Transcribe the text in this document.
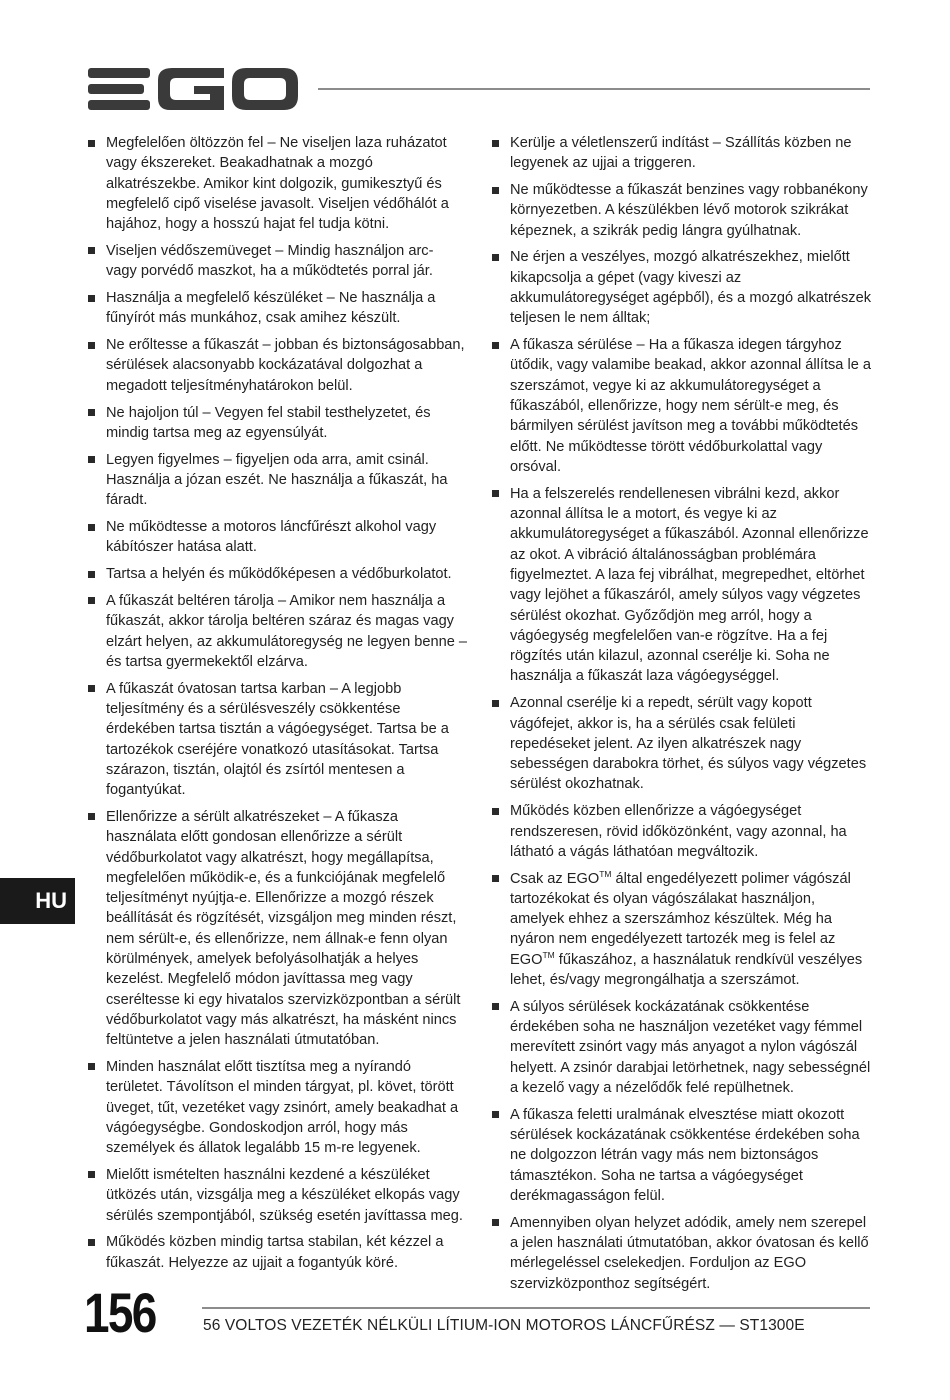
Megfelelően öltözzön fel – Ne viseljen laza ruházatot vagy ékszereket. Beakadhatnak a mozgó alkatrészekbe. Amikor kint dolgozik, gumikesztyű és megfelelő cipő viselése javasolt. Viseljen védőhálót a hajához, hogy a hosszú hajat fel tudja kötni.
Viseljen védőszemüveget – Mindig használjon arc- vagy porvédő maszkot, ha a működtetés porral jár.
Használja a megfelelő készüléket – Ne használja a fűnyírót más munkához, csak amihez készült.
Ne erőltesse a fűkaszát – jobban és biztonságosabban, sérülések alacsonyabb kockázatával dolgozhat a megadott teljesítményhatárokon belül.
Ne hajoljon túl – Vegyen fel stabil testhelyzetet, és mindig tartsa meg az egyensúlyát.
Legyen figyelmes – figyeljen oda arra, amit csinál. Használja a józan eszét. Ne használja a fűkaszát, ha fáradt.
Ne működtesse a motoros láncfűrészt alkohol vagy kábítószer hatása alatt.
Tartsa a helyén és működőképesen a védőburkolatot.
A fűkaszát beltéren tárolja – Amikor nem használja a fűkaszát, akkor tárolja beltéren száraz és magas vagy elzárt helyen, az akkumulátoregység ne legyen benne – és tartsa gyermekektől elzárva.
A fűkaszát óvatosan tartsa karban – A legjobb teljesítmény és a sérülésveszély csökkentése érdekében tartsa tisztán a vágóegységet. Tartsa be a tartozékok cseréjére vonatkozó utasításokat. Tartsa szárazon, tisztán, olajtól és zsírtól mentesen a fogantyúkat.
Ellenőrizze a sérült alkatrészeket – A fűkasza használata előtt gondosan ellenőrizze a sérült védőburkolatot vagy alkatrészt, hogy megállapítsa, megfelelően működik-e, és a funkciójának megfelelő teljesítményt nyújtja-e. Ellenőrizze a mozgó részek beállítását és rögzítését, vizsgáljon meg minden részt, nem sérült-e, és ellenőrizze, nem állnak-e fenn olyan körülmények, amelyek befolyásolhatják a helyes kezelést. Megfelelő módon javíttassa meg vagy cseréltesse ki egy hivatalos szervizközpontban a sérült védőburkolatot vagy más alkatrészt, ha másként nincs feltüntetve a jelen használati útmutatóban.
Minden használat előtt tisztítsa meg a nyírandó területet. Távolítson el minden tárgyat, pl. követ, törött üveget, tűt, vezetéket vagy zsinórt, amely beakadhat a vágóegységbe. Gondoskodjon arról, hogy más személyek és állatok legalább 15 m-re legyenek.
Mielőtt ismételten használni kezdené a készüléket ütközés után, vizsgálja meg a készüléket elkopás vagy sérülés szempontjából, szükség esetén javíttassa meg.
Működés közben mindig tartsa stabilan, két kézzel a fűkaszát. Helyezze az ujjait a fogantyúk köré.
Kerülje a véletlenszerű indítást – Szállítás közben ne legyenek az ujjai a triggeren.
Ne működtesse a fűkaszát benzines vagy robbanékony környezetben. A készülékben lévő motorok szikrákat képeznek, a szikrák pedig lángra gyúlhatnak.
Ne érjen a veszélyes, mozgó alkatrészekhez, mielőtt kikapcsolja a gépet (vagy kiveszi az akkumulátoregységet agépből), és a mozgó alkatrészek teljesen le nem álltak;
A fűkasza sérülése – Ha a fűkasza idegen tárgyhoz ütődik, vagy valamibe beakad, akkor azonnal állítsa le a szerszámot, vegye ki az akkumulátoregységet a fűkaszából, ellenőrizze, hogy nem sérült-e meg, és bármilyen sérülést javítson meg a további működtetés előtt. Ne működtesse törött védőburkolattal vagy orsóval.
Ha a felszerelés rendellenesen vibrálni kezd, akkor azonnal állítsa le a motort, és vegye ki az akkumulátoregységet a fűkaszából. Azonnal ellenőrizze az okot. A vibráció általánosságban problémára figyelmeztet. A laza fej vibrálhat, megrepedhet, eltörhet vagy lejöhet a fűkaszáról, amely súlyos vagy végzetes sérülést okozhat. Győződjön meg arról, hogy a vágóegység megfelelően van-e rögzítve. Ha a fej rögzítés után kilazul, azonnal cserélje ki. Soha ne használja a fűkaszát laza vágóegységgel.
Azonnal cserélje ki a repedt, sérült vagy kopott vágófejet, akkor is, ha a sérülés csak felületi repedéseket jelent. Az ilyen alkatrészek nagy sebességen darabokra törhet, és súlyos vagy végzetes sérülést okozhatnak.
Működés közben ellenőrizze a vágóegységet rendszeresen, rövid időközönként, vagy azonnal, ha látható a vágás láthatóan megváltozik.
Csak az EGO™ által engedélyezett polimer vágószál tartozékokat és olyan vágószálakat használjon, amelyek ehhez a szerszámhoz készültek. Még ha nyáron nem engedélyezett tartozék meg is felel az EGO™ fűkaszához, a használatuk rendkívül veszélyes lehet, és/vagy megrongálhatja a szerszámot.
A súlyos sérülések kockázatának csökkentése érdekében soha ne használjon vezetéket vagy fémmel merevített zsinórt vagy más anyagot a nylon vágószál helyett. A zsinór darabjai letörhetnek, nagy sebességnél a kezelő vagy a nézelődők felé repülhetnek.
A fűkasza feletti uralmának elvesztése miatt okozott sérülések kockázatának csökkentése érdekében soha ne dolgozzon létrán vagy más nem biztonságos támasztékon. Soha ne tartsa a vágóegységet derékmagasságon felül.
Amennyiben olyan helyzet adódik, amely nem szerepel a jelen használati útmutatóban, akkor óvatosan és kellő mérlegeléssel cselekedjen. Forduljon az EGO szervizközponthoz segítségért.
HU
156	56 VOLTOS VEZETÉK NÉLKÜLI LÍTIUM-ION MOTOROS LÁNCFŰRÉSZ — ST1300E
